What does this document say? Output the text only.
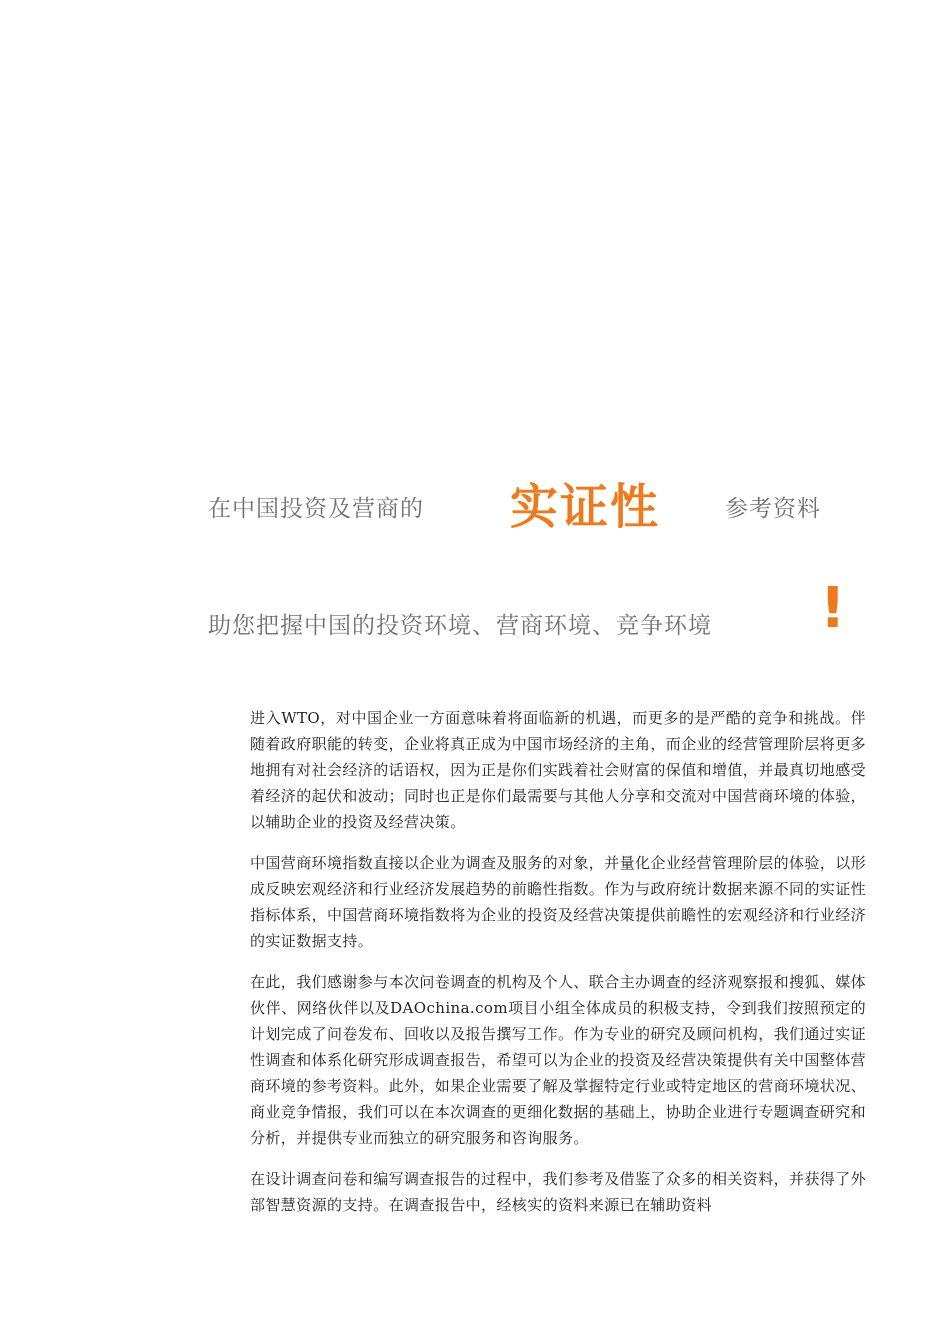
在中国投资及营商的 实证性	参考资料
助您把握中国的投资环境、营商环境、竞争环境 !

进入WTO，对中国企业一方面意味着将面临新的机遇，而更多的是严酷的竞争和挑战。伴随着政府职能的转变，企业将真正成为中国市场经济的主角，而企业的经营管理阶层将更多地拥有对社会经济的话语权，因为正是你们实践着社会财富的保值和增值，并最真切地感受着经济的起伏和波动；同时也正是你们最需要与其他人分享和交流对中国营商环境的体验，以辅助企业的投资及经营决策。

中国营商环境指数直接以企业为调查及服务的对象，并量化企业经营管理阶层的体验，以形成反映宏观经济和行业经济发展趋势的前瞻性指数。作为与政府统计数据来源不同的实证性指标体系，中国营商环境指数将为企业的投资及经营决策提供前瞻性的宏观经济和行业经济的实证数据支持。

在此，我们感谢参与本次问卷调查的机构及个人、联合主办调查的经济观察报和搜狐、媒体伙伴、网络伙伴以及DAOchina.com项目小组全体成员的积极支持，令到我们按照预定的计划完成了问卷发布、回收以及报告撰写工作。作为专业的研究及顾问机构，我们通过实证性调查和体系化研究形成调查报告，希望可以为企业的投资及经营决策提供有关中国整体营商环境的参考资料。此外，如果企业需要了解及掌握特定行业或特定地区的营商环境状况、商业竞争情报，我们可以在本次调查的更细化数据的基础上，协助企业进行专题调查研究和分析，并提供专业而独立的研究服务和咨询服务。

在设计调查问卷和编写调查报告的过程中，我们参考及借鉴了众多的相关资料，并获得了外部智慧资源的支持。在调查报告中，经核实的资料来源已在辅助资料
